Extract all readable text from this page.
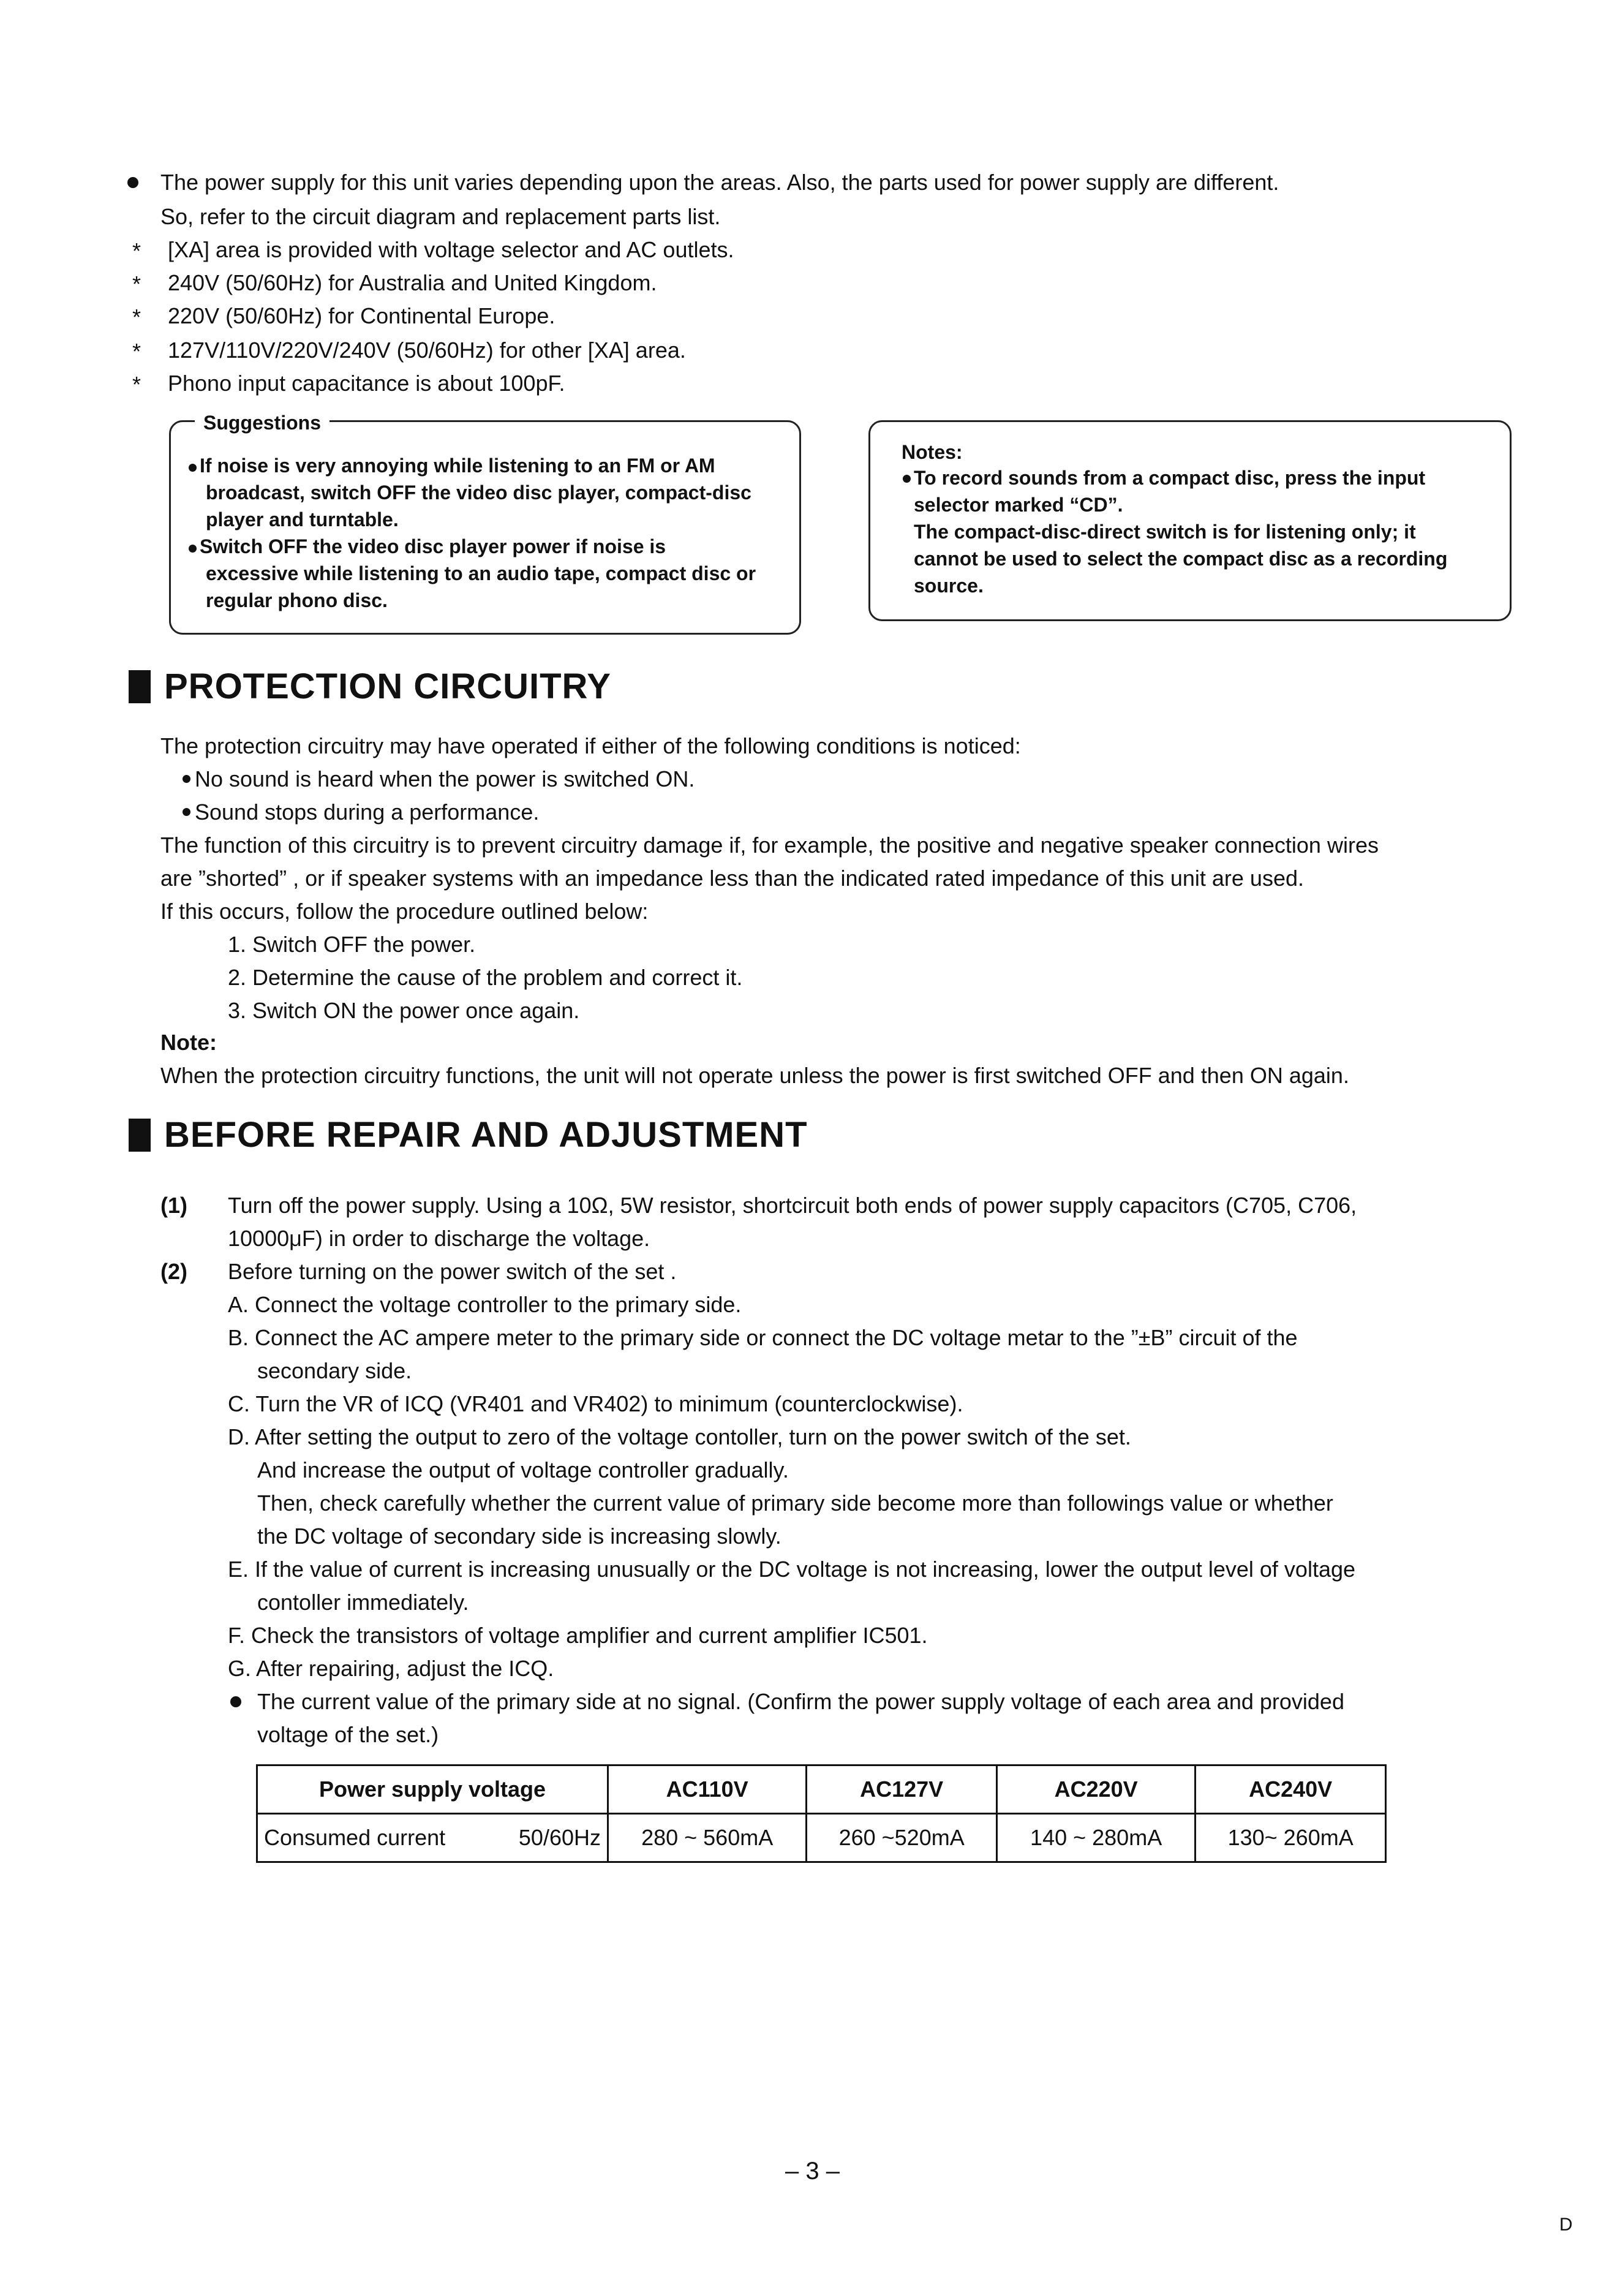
The power supply for this unit varies depending upon the areas. Also, the parts used for power supply are different.
So, refer to the circuit diagram and replacement parts list.
* [XA] area is provided with voltage selector and AC outlets.
* 240V (50/60Hz) for Australia and United Kingdom.
* 220V (50/60Hz) for Continental Europe.
* 127V/110V/220V/240V (50/60Hz) for other [XA] area.
* Phono input capacitance is about 100pF.
Suggestions
If noise is very annoying while listening to an FM or AM
broadcast, switch OFF the video disc player, compact-disc
player and turntable.
Switch OFF the video disc player power if noise is
excessive while listening to an audio tape, compact disc or
regular phono disc.
Notes:
To record sounds from a compact disc, press the input
selector marked “CD”.
The compact-disc-direct switch is for listening only; it
cannot be used to select the compact disc as a recording
source.
PROTECTION CIRCUITRY
The protection circuitry may have operated if either of the following conditions is noticed:
No sound is heard when the power is switched ON.
Sound stops during a performance.
The function of this circuitry is to prevent circuitry damage if, for example, the positive and negative speaker connection wires
are ”shorted” , or if speaker systems with an impedance less than the indicated rated impedance of this unit are used.
If this occurs, follow the procedure outlined below:
1. Switch OFF the power.
2. Determine the cause of the problem and correct it.
3. Switch ON the power once again.
Note:
When the protection circuitry functions, the unit will not operate unless the power is first switched OFF and then ON again.
BEFORE REPAIR AND ADJUSTMENT
(1) Turn off the power supply. Using a 10Ω, 5W resistor, shortcircuit both ends of power supply capacitors (C705, C706,
10000μF) in order to discharge the voltage.
(2) Before turning on the power switch of the set .
A. Connect the voltage controller to the primary side.
B. Connect the AC ampere meter to the primary side or connect the DC voltage metar to the ”±B” circuit of the
secondary side.
C. Turn the VR of ICQ (VR401 and VR402) to minimum (counterclockwise).
D. After setting the output to zero of the voltage contoller, turn on the power switch of the set.
And increase the output of voltage controller gradually.
Then, check carefully whether the current value of primary side become more than followings value or whether
the DC voltage of secondary side is increasing slowly.
E. If the value of current is increasing unusually or the DC voltage is not increasing, lower the output level of voltage
contoller immediately.
F. Check the transistors of voltage amplifier and current amplifier IC501.
G. After repairing, adjust the ICQ.
The current value of the primary side at no signal. (Confirm the power supply voltage of each area and provided
voltage of the set.)
Power supply voltage	AC110V	AC127V	AC220V	AC240V
Consumed current 50/60Hz	280 ~ 560mA	260 ~520mA	140 ~ 280mA	130~ 260mA
– 3 –
D
